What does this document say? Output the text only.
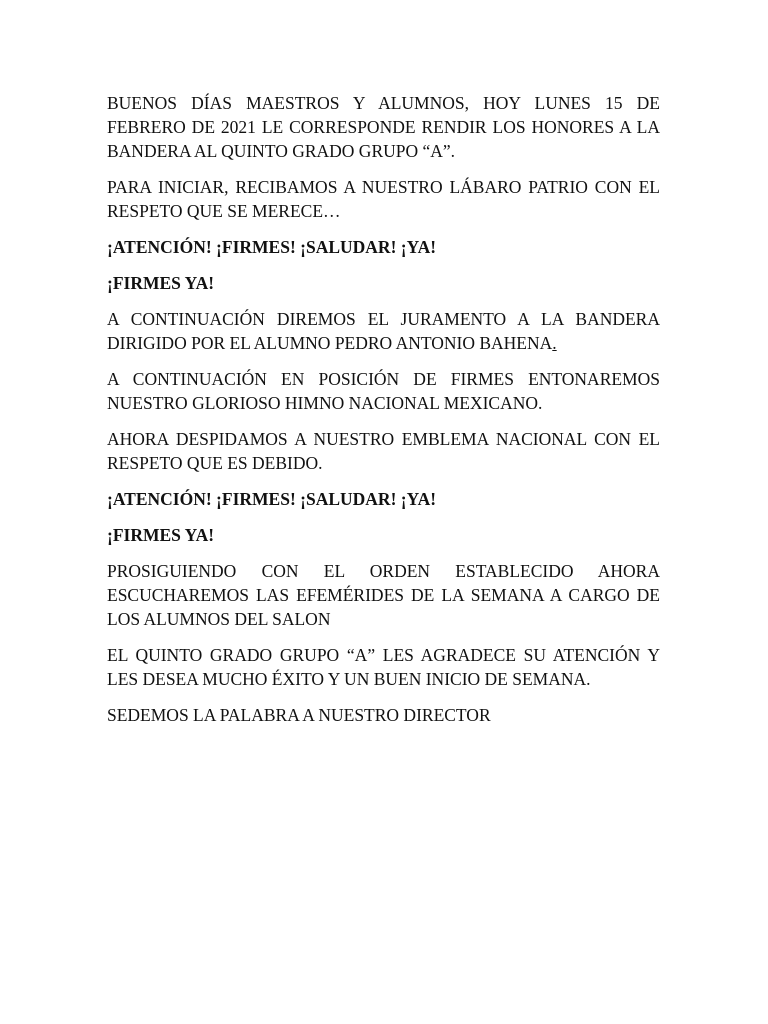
BUENOS DÍAS MAESTROS Y ALUMNOS, HOY LUNES 15 DE FEBRERO DE 2021 LE CORRESPONDE RENDIR LOS HONORES A LA BANDERA AL QUINTO GRADO GRUPO “A”.

PARA INICIAR, RECIBAMOS A NUESTRO LÁBARO PATRIO CON EL RESPETO QUE SE MERECE…

¡ATENCIÓN! ¡FIRMES! ¡SALUDAR! ¡YA!

¡FIRMES YA!

A CONTINUACIÓN DIREMOS EL JURAMENTO A LA BANDERA DIRIGIDO POR EL ALUMNO PEDRO ANTONIO BAHENA.

A CONTINUACIÓN EN POSICIÓN DE FIRMES ENTONAREMOS NUESTRO GLORIOSO HIMNO NACIONAL MEXICANO.

AHORA DESPIDAMOS A NUESTRO EMBLEMA NACIONAL CON EL RESPETO QUE ES DEBIDO.

¡ATENCIÓN! ¡FIRMES! ¡SALUDAR! ¡YA!

¡FIRMES YA!

PROSIGUIENDO CON EL ORDEN ESTABLECIDO AHORA ESCUCHAREMOS LAS EFEMÉRIDES DE LA SEMANA A CARGO DE LOS ALUMNOS DEL SALON

EL QUINTO GRADO GRUPO “A” LES AGRADECE SU ATENCIÓN Y LES DESEA MUCHO ÉXITO Y UN BUEN INICIO DE SEMANA.

SEDEMOS LA PALABRA A NUESTRO DIRECTOR
